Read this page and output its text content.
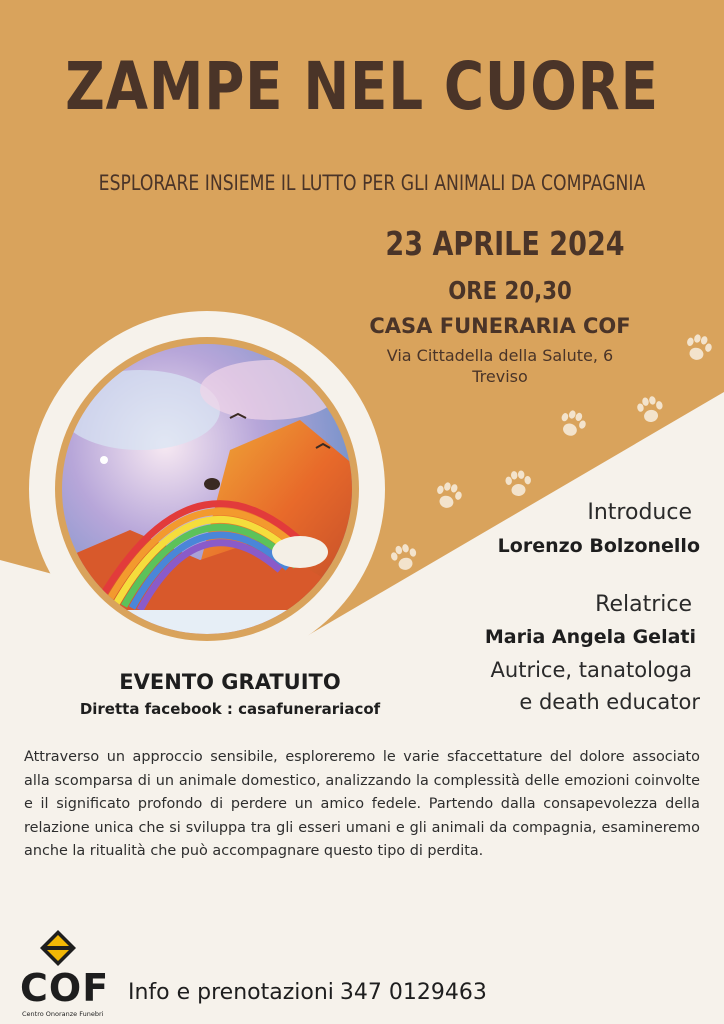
ZAMPE NEL CUORE
ESPLORARE INSIEME IL LUTTO PER GLI ANIMALI DA COMPAGNIA
23 APRILE 2024
ORE 20,30
CASA FUNERARIA COF
Via Cittadella della Salute, 6
Treviso
Introduce
Lorenzo Bolzonello
Relatrice
Maria Angela Gelati
Autrice, tanatologa
e death educator
EVENTO GRATUITO
Diretta facebook : casafunerariacof
Attraverso un approccio sensibile, esploreremo le varie sfaccettature del dolore associato alla scomparsa di un animale domestico, analizzando la complessità delle emozioni coinvolte e il significato profondo di perdere un amico fedele. Partendo dalla consapevolezza della relazione unica che si sviluppa tra gli esseri umani e gli animali da compagnia, esamineremo anche la ritualità che può accompagnare questo tipo di perdita.
COF
Centro Onoranze Funebri
Info e prenotazioni 347 0129463
